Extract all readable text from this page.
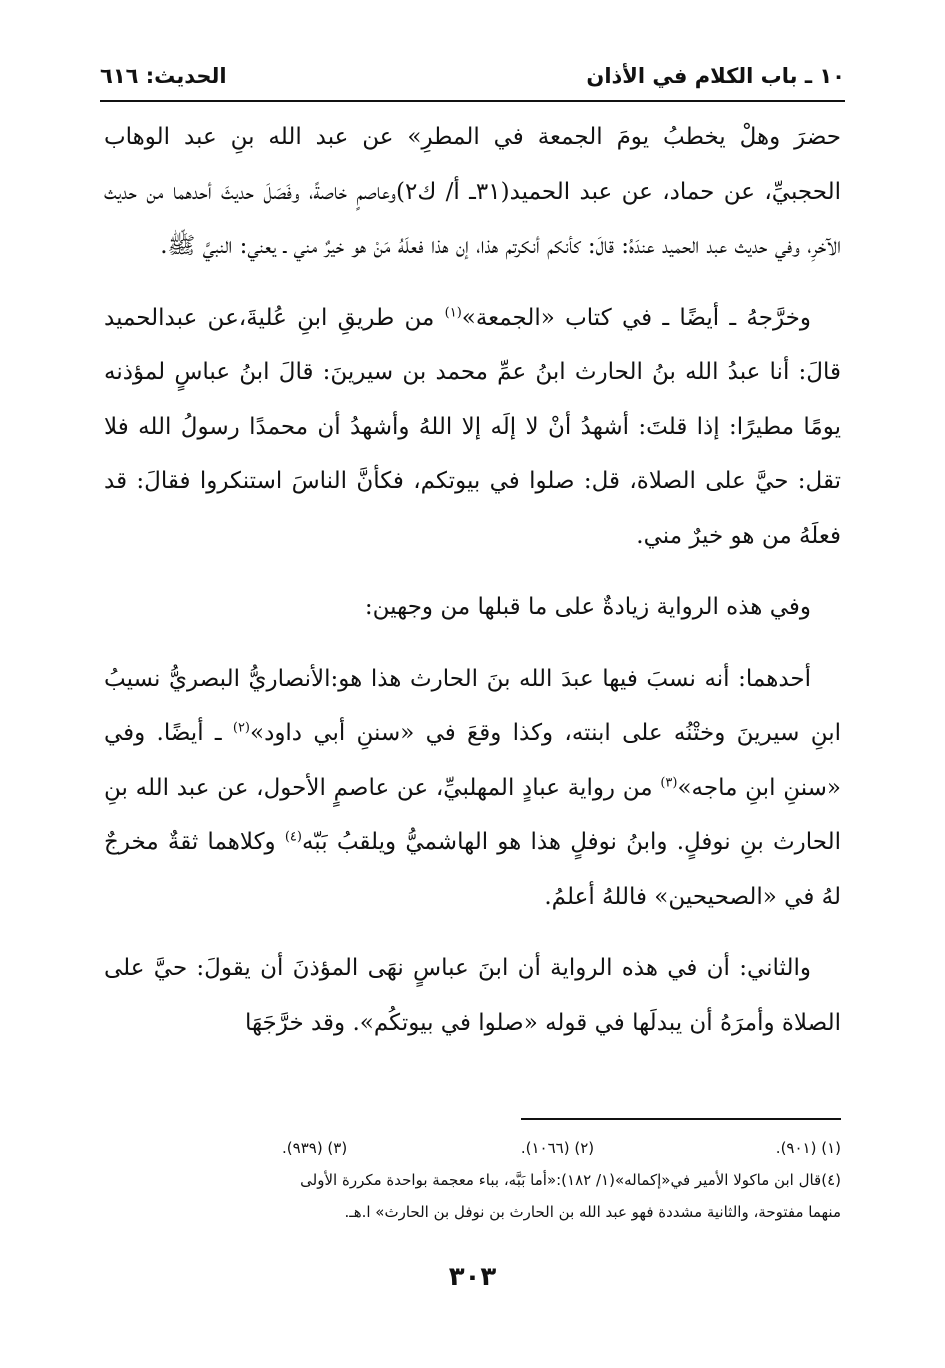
١٠ ـ باب الكلام في الأذان
الحديث: ٦١٦

حضرَ وهلْ يخطبُ يومَ الجمعة في المطرِ» عن عبد الله بنِ عبد الوهاب الحجبيِّ، عن حماد، عن عبد الحميد(٣١ـ أ/ ك٢)وعاصمٍ خاصةً، وفَصَلَ حديثَ أحدهما من حديث الآخرِ، وفي حديث عبد الحميد عندَهُ: قالَ: كأنكم أنكرتم هذا، إن هذا فعلَهُ مَنْ هو خيرٌ مني ـ يعني: النبيَّ ﷺ.

وخرَّجهُ ـ أيضًا ـ في كتاب «الجمعة»$^{(١)}$ من طريقِ ابنِ عُليةَ،عن عبدالحميد قالَ: أنا عبدُ الله بنُ الحارث ابنُ عمِّ محمد بن سيرينَ: قالَ ابنُ عباسٍ لمؤذنه يومًا مطيرًا: إذا قلتَ: أشهدُ أنْ لا إلَه إلا اللهُ وأشهدُ أن محمدًا رسولُ الله فلا تقل: حيَّ على الصلاة، قل: صلوا في بيوتكم، فكأنَّ الناسَ استنكروا فقالَ: قد فعلَهُ من هو خيرٌ مني.

وفي هذه الرواية زيادةٌ على ما قبلها من وجهين:

أحدهما: أنه نسبَ فيها عبدَ الله بنَ الحارث هذا هو:الأنصاريُّ البصريُّ نسيبُ ابنِ سيرينَ وختْنُه على ابنته، وكذا وقعَ في «سننِ أبي داود»$^{(٢)}$ ـ أيضًا. وفي «سننِ ابنِ ماجه»$^{(٣)}$ من رواية عبادٍ المهلبيِّ، عن عاصمٍ الأحول، عن عبد الله بنِ الحارث بنِ نوفلٍ. وابنُ نوفلٍ هذا هو الهاشميُّ ويلقبُ بَبّه$^{(٤)}$ وكلاهما ثقةٌ مخرجٌ لهُ في «الصحيحين» فاللهُ أعلمُ.

والثاني: أن في هذه الرواية أن ابنَ عباسٍ نهَى المؤذنَ أن يقولَ: حيَّ على الصلاة وأمرَهُ أن يبدلَها في قوله «صلوا في بيوتكُم». وقد خرَّجَهَا

(١) (٩٠١).
(٢) (١٠٦٦).
(٣) (٩٣٩).
(٤)قال ابن ماكولا الأمير في«إكماله»(١/ ١٨٢):«أما بَبَّه، بباء معجمة بواحدة مكررة الأولى
منهما مفتوحة، والثانية مشددة فهو عبد الله بن الحارث بن نوفل بن الحارث» ا.هـ.
٣٠٣
